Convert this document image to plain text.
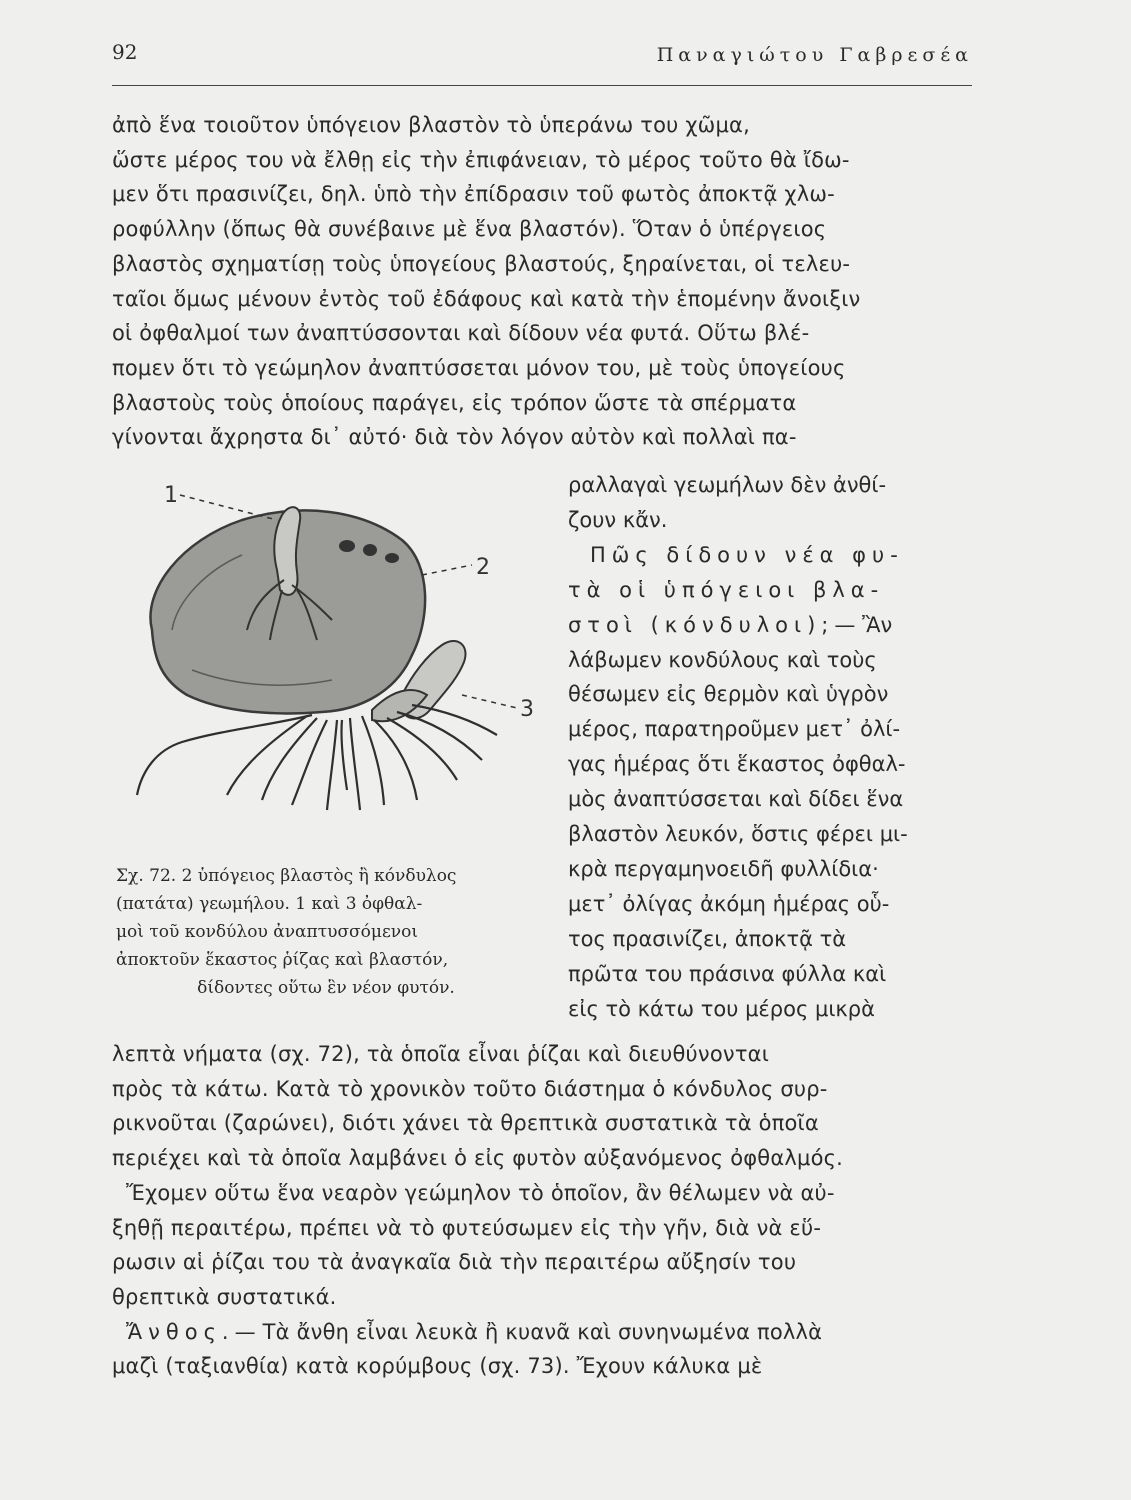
92	Παναγιώτου Γαβρεσέα
ἀπὸ ἕνα τοιοῦτον ὑπόγειον βλαστὸν τὸ ὑπεράνω του χῶμα,
ὥστε μέρος του νὰ ἔλθῃ εἰς τὴν ἐπιφάνειαν, τὸ μέρος τοῦτο θὰ ἴδω-
μεν ὅτι πρασινίζει, δηλ. ὑπὸ τὴν ἐπίδρασιν τοῦ φωτὸς ἀποκτᾷ χλω-
ροφύλλην (ὅπως θὰ συνέβαινε μὲ ἕνα βλαστόν). Ὅταν ὁ ὑπέργειος
βλαστὸς σχηματίσῃ τοὺς ὑπογείους βλαστούς, ξηραίνεται, οἱ τελευ-
ταῖοι ὅμως μένουν ἐντὸς τοῦ ἐδάφους καὶ κατὰ τὴν ἑπομένην ἄνοιξιν
οἱ ὀφθαλμοί των ἀναπτύσσονται καὶ δίδουν νέα φυτά. Οὕτω βλέ-
πομεν ὅτι τὸ γεώμηλον ἀναπτύσσεται μόνον του, μὲ τοὺς ὑπογείους
βλαστοὺς τοὺς ὁποίους παράγει, εἰς τρόπον ὥστε τὰ σπέρματα
γίνονται ἄχρηστα δι᾿ αὐτό· διὰ τὸν λόγον αὐτὸν καὶ πολλαὶ πα-
1
2
3
Σχ. 72. 2 ὑπόγειος βλαστὸς ἢ κόνδυλος
(πατάτα) γεωμήλου. 1 καὶ 3 ὀφθαλ-
μοὶ τοῦ κονδύλου ἀναπτυσσόμενοι
ἀποκτοῦν ἕκαστος ῥίζας καὶ βλαστόν,
δίδοντες οὕτω ἓν νέον φυτόν.
ραλλαγαὶ γεωμήλων δὲν ἀνθί-
ζουν κἄν.
Πῶς δίδουν νέα φυ-
τὰ οἱ ὑπόγειοι βλα-
στοὶ (κόνδυλοι);— Ἂν
λάβωμεν κονδύλους καὶ τοὺς
θέσωμεν εἰς θερμὸν καὶ ὑγρὸν
μέρος, παρατηροῦμεν μετ᾿ ὀλί-
γας ἡμέρας ὅτι ἕκαστος ὀφθαλ-
μὸς ἀναπτύσσεται καὶ δίδει ἕνα
βλαστὸν λευκόν, ὅστις φέρει μι-
κρὰ περγαμηνοειδῆ φυλλίδια·
μετ᾿ ὀλίγας ἀκόμη ἡμέρας οὗ-
τος πρασινίζει, ἀποκτᾷ τὰ
πρῶτα του πράσινα φύλλα καὶ
εἰς τὸ κάτω του μέρος μικρὰ
λεπτὰ νήματα (σχ. 72), τὰ ὁποῖα εἶναι ῥίζαι καὶ διευθύνονται
πρὸς τὰ κάτω. Κατὰ τὸ χρονικὸν τοῦτο διάστημα ὁ κόνδυλος συρ-
ρικνοῦται (ζαρώνει), διότι χάνει τὰ θρεπτικὰ συστατικὰ τὰ ὁποῖα
περιέχει καὶ τὰ ὁποῖα λαμβάνει ὁ εἰς φυτὸν αὐξανόμενος ὀφθαλμός.
Ἔχομεν οὕτω ἕνα νεαρὸν γεώμηλον τὸ ὁποῖον, ἂν θέλωμεν νὰ αὐ-
ξηθῇ περαιτέρω, πρέπει νὰ τὸ φυτεύσωμεν εἰς τὴν γῆν, διὰ νὰ εὕ-
ρωσιν αἱ ῥίζαι του τὰ ἀναγκαῖα διὰ τὴν περαιτέρω αὔξησίν του
θρεπτικὰ συστατικά.
Ἄνθος.— Τὰ ἄνθη εἶναι λευκὰ ἢ κυανᾶ καὶ συνηνωμένα πολλὰ
μαζὶ (ταξιανθία) κατὰ κορύμβους (σχ. 73). Ἔχουν κάλυκα μὲ
